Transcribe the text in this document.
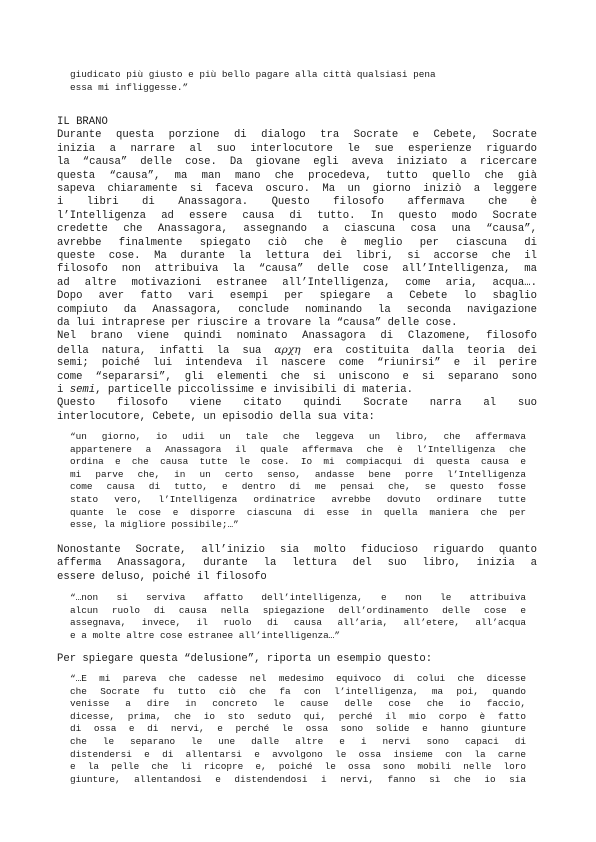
giudicato più giusto e più bello pagare alla città qualsiasi pena
essa mi infliggesse.”
IL BRANO
Durante questa porzione di dialogo tra Socrate e Cebete, Socrate
inizia a narrare al suo interlocutore le sue esperienze riguardo
la “causa” delle cose. Da giovane egli aveva iniziato a ricercare
questa “causa”, ma man mano che procedeva, tutto quello che già
sapeva chiaramente si faceva oscuro. Ma un giorno iniziò a leggere
i libri di Anassagora. Questo filosofo affermava che è
l’Intelligenza ad essere causa di tutto. In questo modo Socrate
credette che Anassagora, assegnando a ciascuna cosa una “causa”,
avrebbe finalmente spiegato ciò che è meglio per ciascuna di
queste cose. Ma durante la lettura dei libri, si accorse che il
filosofo non attribuiva la “causa” delle cose all’Intelligenza, ma
ad altre motivazioni estranee all’Intelligenza, come aria, acqua….
Dopo aver fatto vari esempi per spiegare a Cebete lo sbaglio
compiuto da Anassagora, conclude nominando la seconda navigazione
da lui intraprese per riuscire a trovare la “causa” delle cose.
Nel brano viene quindi nominato Anassagora di Clazomene, filosofo
della natura, infatti la sua αρχη era costituita dalla teoria dei
semi; poiché lui intendeva il nascere come “riunirsi” e il perire
come “separarsi”, gli elementi che si uniscono e si separano sono
i semi, particelle piccolissime e invisibili di materia.
Questo filosofo viene citato quindi Socrate narra al suo
interlocutore, Cebete, un episodio della sua vita:
“un giorno, io udii un tale che leggeva un libro, che affermava
appartenere a Anassagora il quale affermava che è l’Intelligenza che
ordina e che causa tutte le cose. Io mi compiacqui di questa causa e
mi parve che, in un certo senso, andasse bene porre l’Intelligenza
come causa di tutto, e dentro di me pensai che, se questo fosse
stato vero, l’Intelligenza ordinatrice avrebbe dovuto ordinare tutte
quante le cose e disporre ciascuna di esse in quella maniera che per
esse, la migliore possibile;…”
Nonostante Socrate, all’inizio sia molto fiducioso riguardo quanto
afferma Anassagora, durante la lettura del suo libro, inizia a
essere deluso, poiché il filosofo
“…non si serviva affatto dell’intelligenza, e non le attribuiva
alcun ruolo di causa nella spiegazione dell’ordinamento delle cose e
assegnava, invece, il ruolo di causa all’aria, all’etere, all’acqua
e a molte altre cose estranee all’intelligenza…”
Per spiegare questa “delusione”, riporta un esempio questo:
“…E mi pareva che cadesse nel medesimo equivoco di colui che dicesse
che Socrate fu tutto ciò che fa con l’intelligenza, ma poi, quando
venisse a dire in concreto le cause delle cose che io faccio,
dicesse, prima, che io sto seduto qui, perché il mio corpo è fatto
di ossa e di nervi, e perché le ossa sono solide e hanno giunture
che le separano le une dalle altre e i nervi sono capaci di
distendersi e di allentarsi e avvolgono le ossa insieme con la carne
e la pelle che li ricopre e, poiché le ossa sono mobili nelle loro
giunture, allentandosi e distendendosi i nervi, fanno sì che io sia
